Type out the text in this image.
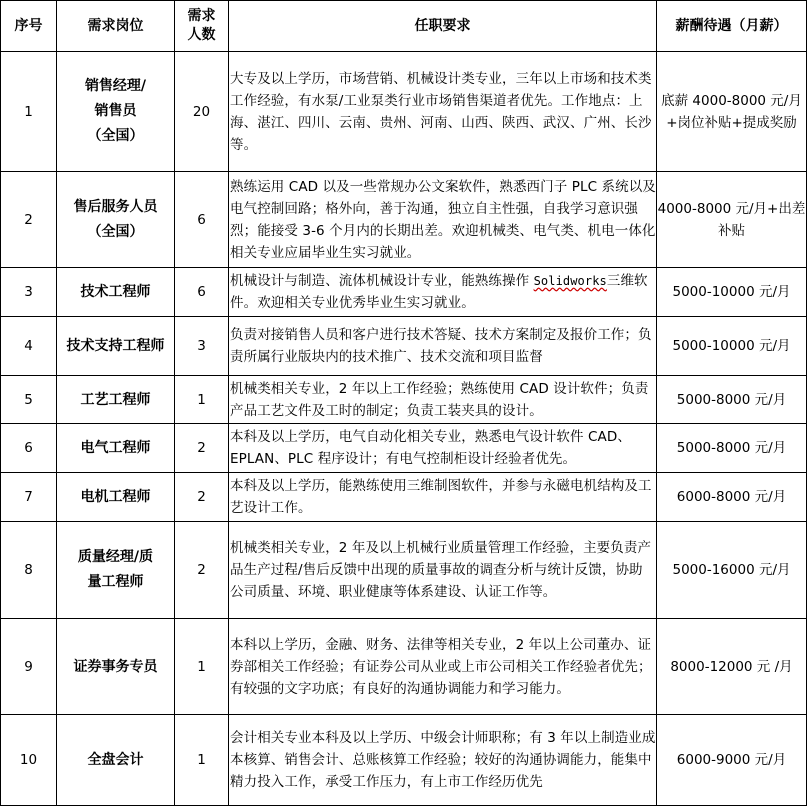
序号	需求岗位	需求人数	任职要求	薪酬待遇（月薪）
1	销售经理/销售员（全国）	20	大专及以上学历，市场营销、机械设计类专业，三年以上市场和技术类工作经验，有水泵/工业泵类行业市场销售渠道者优先。工作地点：上海、湛江、四川、云南、贵州、河南、山西、陕西、武汉、广州、长沙等。	底薪 4000-8000 元/月+岗位补贴+提成奖励
2	售后服务人员（全国）	6	熟练运用 CAD 以及一些常规办公文案软件，熟悉西门子 PLC 系统以及电气控制回路；格外向，善于沟通，独立自主性强，自我学习意识强烈；能接受 3-6 个月内的长期出差。欢迎机械类、电气类、机电一体化相关专业应届毕业生实习就业。	4000-8000 元/月+出差补贴
3	技术工程师	6	机械设计与制造、流体机械设计专业，能熟练操作 Solidworks三维软件。欢迎相关专业优秀毕业生实习就业。	5000-10000 元/月
4	技术支持工程师	3	负责对接销售人员和客户进行技术答疑、技术方案制定及报价工作；负责所属行业版块内的技术推广、技术交流和项目监督	5000-10000 元/月
5	工艺工程师	1	机械类相关专业，2 年以上工作经验；熟练使用 CAD 设计软件；负责产品工艺文件及工时的制定；负责工装夹具的设计。	5000-8000 元/月
6	电气工程师	2	本科及以上学历，电气自动化相关专业，熟悉电气设计软件 CAD、EPLAN、PLC 程序设计；有电气控制柜设计经验者优先。	5000-8000 元/月
7	电机工程师	2	本科及以上学历，能熟练使用三维制图软件，并参与永磁电机结构及工艺设计工作。	6000-8000 元/月
8	质量经理/质量工程师	2	机械类相关专业，2 年及以上机械行业质量管理工作经验，主要负责产品生产过程/售后反馈中出现的质量事故的调查分析与统计反馈，协助公司质量、环境、职业健康等体系建设、认证工作等。	5000-16000 元/月
9	证券事务专员	1	本科以上学历，金融、财务、法律等相关专业，2 年以上公司董办、证券部相关工作经验；有证券公司从业或上市公司相关工作经验者优先；　有较强的文字功底；有良好的沟通协调能力和学习能力。	8000-12000 元 /月
10	全盘会计	1	会计相关专业本科及以上学历、中级会计师职称；有 3 年以上制造业成本核算、销售会计、总账核算工作经验；较好的沟通协调能力，能集中精力投入工作，承受工作压力，有上市工作经历优先	6000-9000 元/月
